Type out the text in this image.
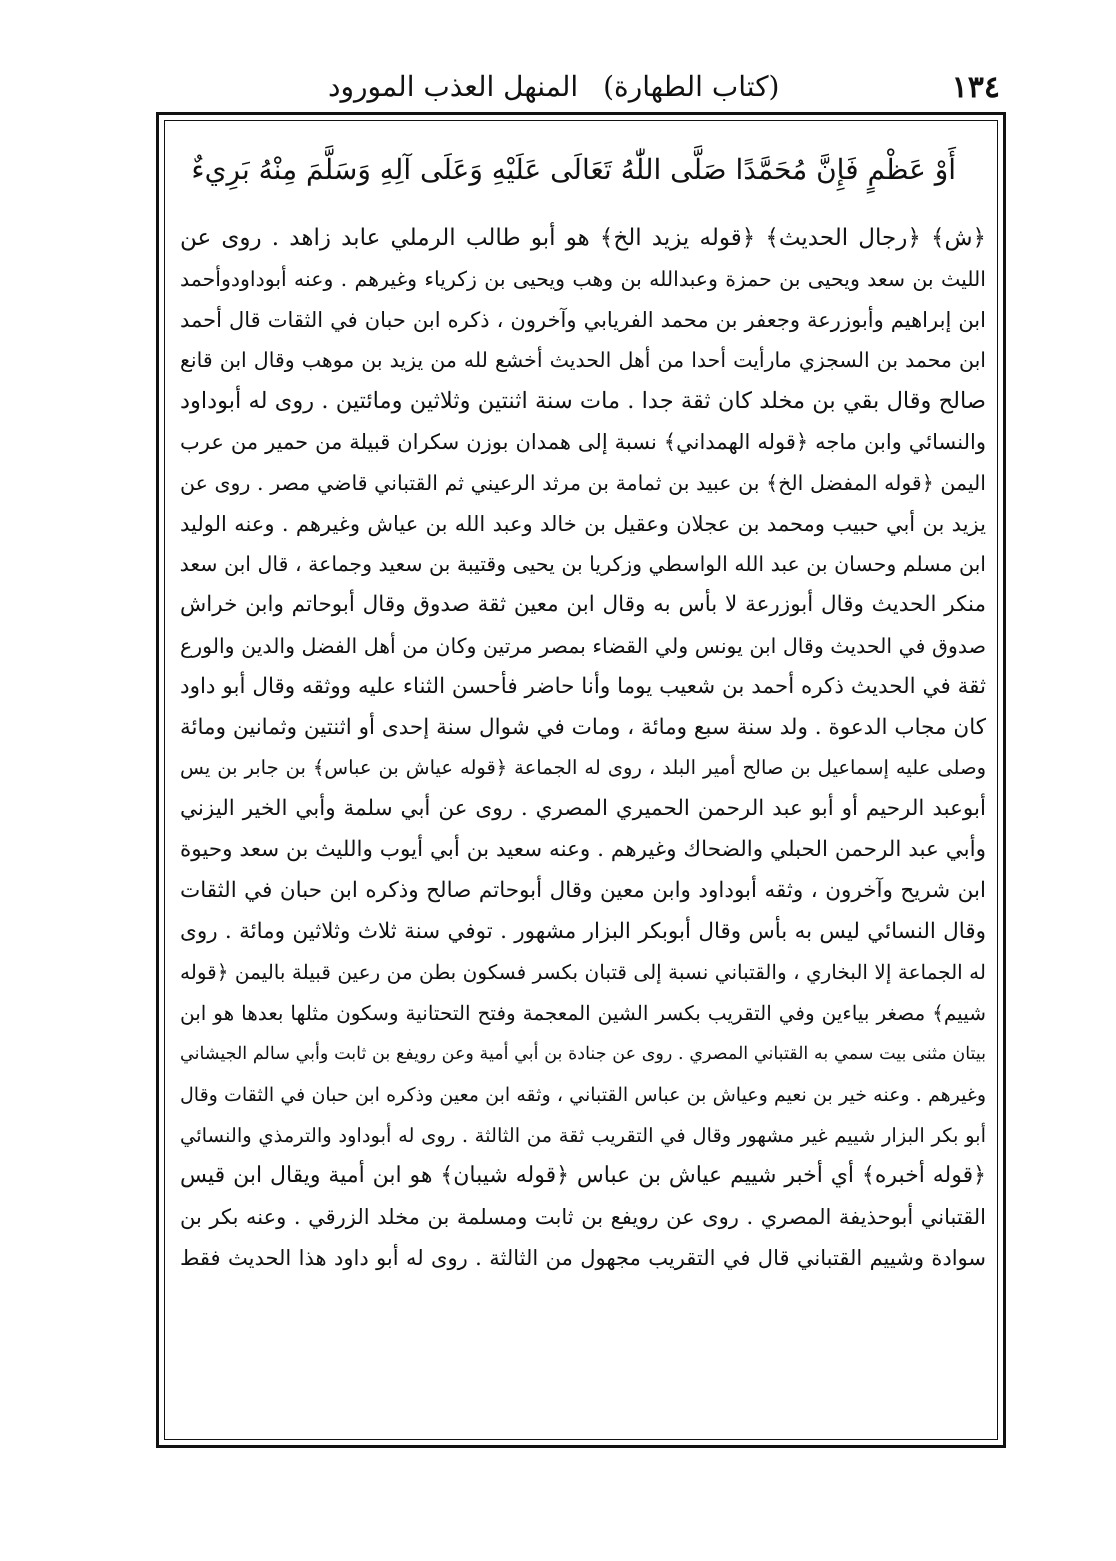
١٣٤
(كتاب الطهارة) المنهل العذب المورود

أَوْ عَظْمٍ فَإِنَّ مُحَمَّدًا صَلَّى اللّٰهُ تَعَالَى عَلَيْهِ وَعَلَى آلِهِ وَسَلَّمَ مِنْهُ بَرِيءٌ

﴿ش﴾ ﴿رجال الحديث﴾ ﴿قوله يزيد الخ﴾ هو أبو طالب الرملي عابد زاهد . روى عن
الليث بن سعد ويحيى بن حمزة وعبدالله بن وهب ويحيى بن زكرياء وغيرهم . وعنه أبوداودوأحمد
ابن إبراهيم وأبوزرعة وجعفر بن محمد الفريابي وآخرون ، ذكره ابن حبان في الثقات قال أحمد
ابن محمد بن السجزي مارأيت أحدا من أهل الحديث أخشع لله من يزيد بن موهب وقال ابن قانع
صالح وقال بقي بن مخلد كان ثقة جدا . مات سنة اثنتين وثلاثين ومائتين . روى له أبوداود
والنسائي وابن ماجه ﴿قوله الهمداني﴾ نسبة إلى همدان بوزن سكران قبيلة من حمير من عرب
اليمن ﴿قوله المفضل الخ﴾ بن عبيد بن ثمامة بن مرثد الرعيني ثم القتباني قاضي مصر . روى عن
يزيد بن أبي حبيب ومحمد بن عجلان وعقيل بن خالد وعبد الله بن عياش وغيرهم . وعنه الوليد
ابن مسلم وحسان بن عبد الله الواسطي وزكريا بن يحيى وقتيبة بن سعيد وجماعة ، قال ابن سعد
منكر الحديث وقال أبوزرعة لا بأس به وقال ابن معين ثقة صدوق وقال أبوحاتم وابن خراش
صدوق في الحديث وقال ابن يونس ولي القضاء بمصر مرتين وكان من أهل الفضل والدين والورع
ثقة في الحديث ذكره أحمد بن شعيب يوما وأنا حاضر فأحسن الثناء عليه ووثقه وقال أبو داود
كان مجاب الدعوة . ولد سنة سبع ومائة ، ومات في شوال سنة إحدى أو اثنتين وثمانين ومائة
وصلى عليه إسماعيل بن صالح أمير البلد ، روى له الجماعة ﴿قوله عياش بن عباس﴾ بن جابر بن يس
أبوعبد الرحيم أو أبو عبد الرحمن الحميري المصري . روى عن أبي سلمة وأبي الخير اليزني
وأبي عبد الرحمن الحبلي والضحاك وغيرهم . وعنه سعيد بن أبي أيوب والليث بن سعد وحيوة
ابن شريح وآخرون ، وثقه أبوداود وابن معين وقال أبوحاتم صالح وذكره ابن حبان في الثقات
وقال النسائي ليس به بأس وقال أبوبكر البزار مشهور . توفي سنة ثلاث وثلاثين ومائة . روى
له الجماعة إلا البخاري ، والقتباني نسبة إلى قتبان بكسر فسكون بطن من رعين قبيلة باليمن ﴿قوله
شييم﴾ مصغر بياءين وفي التقريب بكسر الشين المعجمة وفتح التحتانية وسكون مثلها بعدها هو ابن
بيتان مثنى بيت سمي به القتباني المصري . روى عن جنادة بن أبي أمية وعن رويفع بن ثابت وأبي سالم الجيشاني
وغيرهم . وعنه خير بن نعيم وعياش بن عباس القتباني ، وثقه ابن معين وذكره ابن حبان في الثقات وقال
أبو بكر البزار شييم غير مشهور وقال في التقريب ثقة من الثالثة . روى له أبوداود والترمذي والنسائي
﴿قوله أخبره﴾ أي أخبر شييم عياش بن عباس ﴿قوله شيبان﴾ هو ابن أمية ويقال ابن قيس
القتباني أبوحذيفة المصري . روى عن رويفع بن ثابت ومسلمة بن مخلد الزرقي . وعنه بكر بن
سوادة وشييم القتباني قال في التقريب مجهول من الثالثة . روى له أبو داود هذا الحديث فقط
